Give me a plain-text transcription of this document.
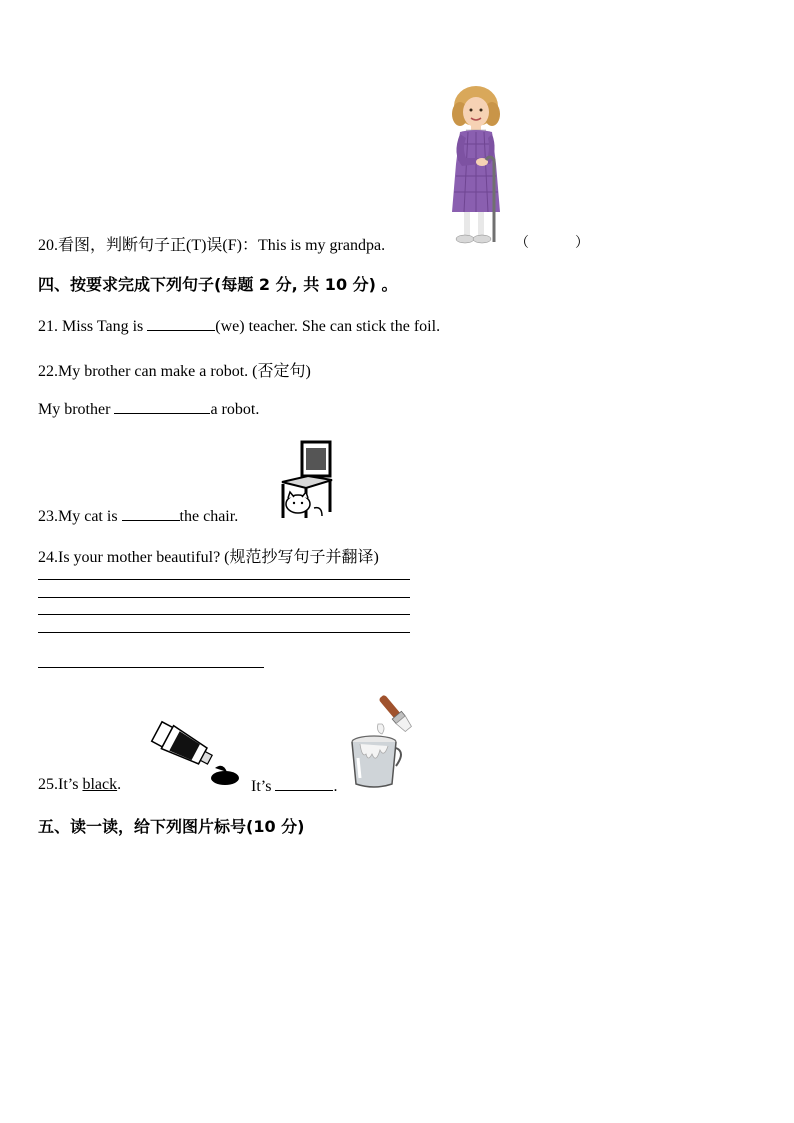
20.看图，判断句子正(T)误(F)：This is my grandpa.	（	）
四、按要求完成下列句子(每题 2 分, 共 10 分) 。
21. Miss Tang is	(we) teacher. She can stick the foil.
22.My brother can make a robot. (否定句)
My brother	a robot.
23.My cat is	the chair.
24.Is your mother beautiful? (规范抄写句子并翻译)
25.It’s black.	It’s	.
五、读一读，给下列图片标号(10 分)
